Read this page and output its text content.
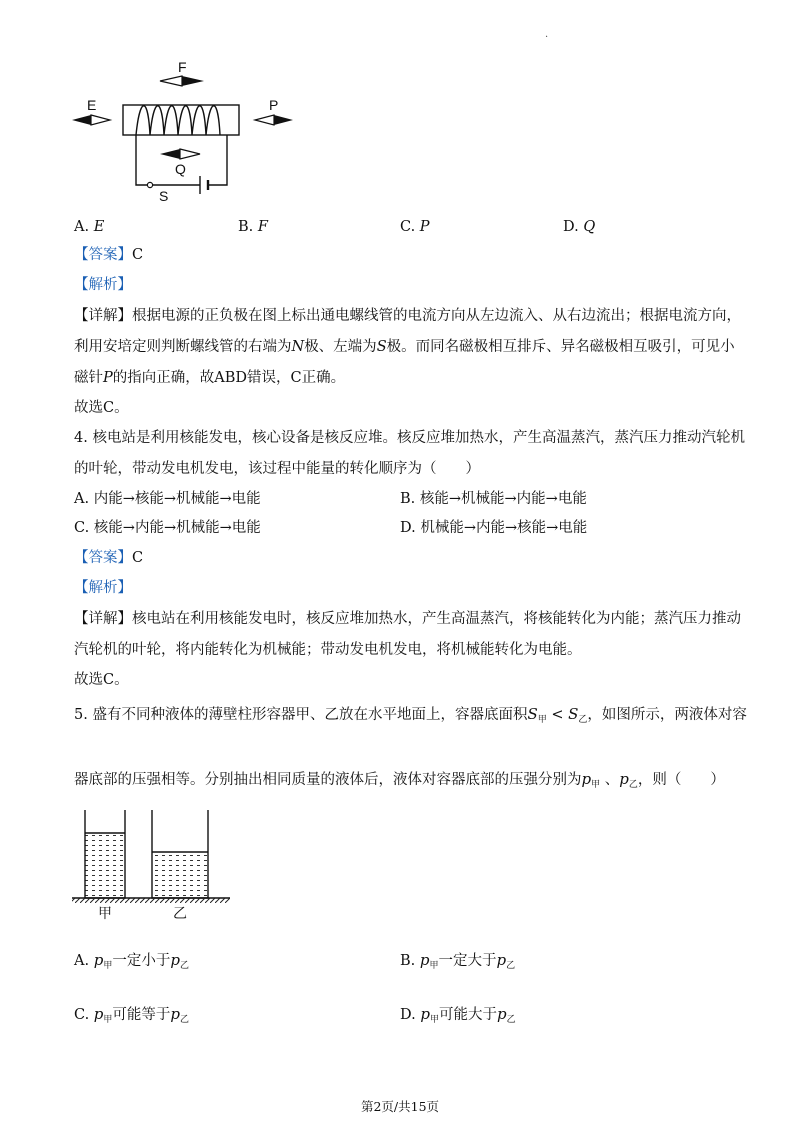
·
F
E	P
Q
S
A. E	B. F	C. P	D. Q
【答案】C
【解析】
【详解】根据电源的正负极在图上标出通电螺线管的电流方向从左边流入、从右边流出；根据电流方向，
利用安培定则判断螺线管的右端为N极、左端为S极。而同名磁极相互排斥、异名磁极相互吸引，可见小
磁针P的指向正确，故ABD错误，C正确。
故选C。
4. 核电站是利用核能发电，核心设备是核反应堆。核反应堆加热水，产生高温蒸汽，蒸汽压力推动汽轮机
的叶轮，带动发电机发电，该过程中能量的转化顺序为（　　）
A. 内能→核能→机械能→电能	B. 核能→机械能→内能→电能
C. 核能→内能→机械能→电能	D. 机械能→内能→核能→电能
【答案】C
【解析】
【详解】核电站在利用核能发电时，核反应堆加热水，产生高温蒸汽，将核能转化为内能；蒸汽压力推动
汽轮机的叶轮，将内能转化为机械能；带动发电机发电，将机械能转化为电能。
故选C。
5. 盛有不同种液体的薄壁柱形容器甲、乙放在水平地面上，容器底面积$S_甲 < S_乙$，如图所示，两液体对容
器底部的压强相等。分别抽出相同质量的液体后，液体对容器底部的压强分别为$p_甲$ 、$p_乙$，则（　　）
甲	乙
A. $p_甲$一定小于$p_乙$	B. $p_甲$一定大于$p_乙$
C. $p_甲$可能等于$p_乙$	D. $p_甲$可能大于$p_乙$
第2页/共15页
